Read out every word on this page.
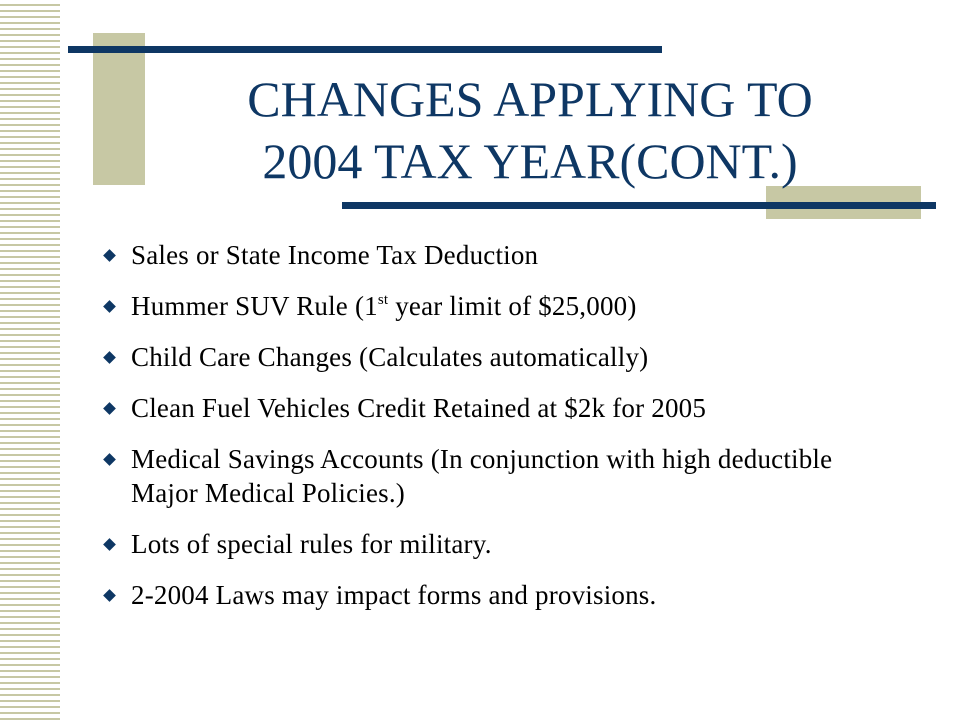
CHANGES APPLYING TO
2004 TAX YEAR(CONT.)
Sales or State Income Tax Deduction
Hummer SUV Rule (1st year limit of $25,000)
Child Care Changes (Calculates automatically)
Clean Fuel Vehicles Credit Retained at $2k for 2005
Medical Savings Accounts (In conjunction with high deductible Major Medical Policies.)
Lots of special rules for military.
2-2004 Laws may impact forms and provisions.
